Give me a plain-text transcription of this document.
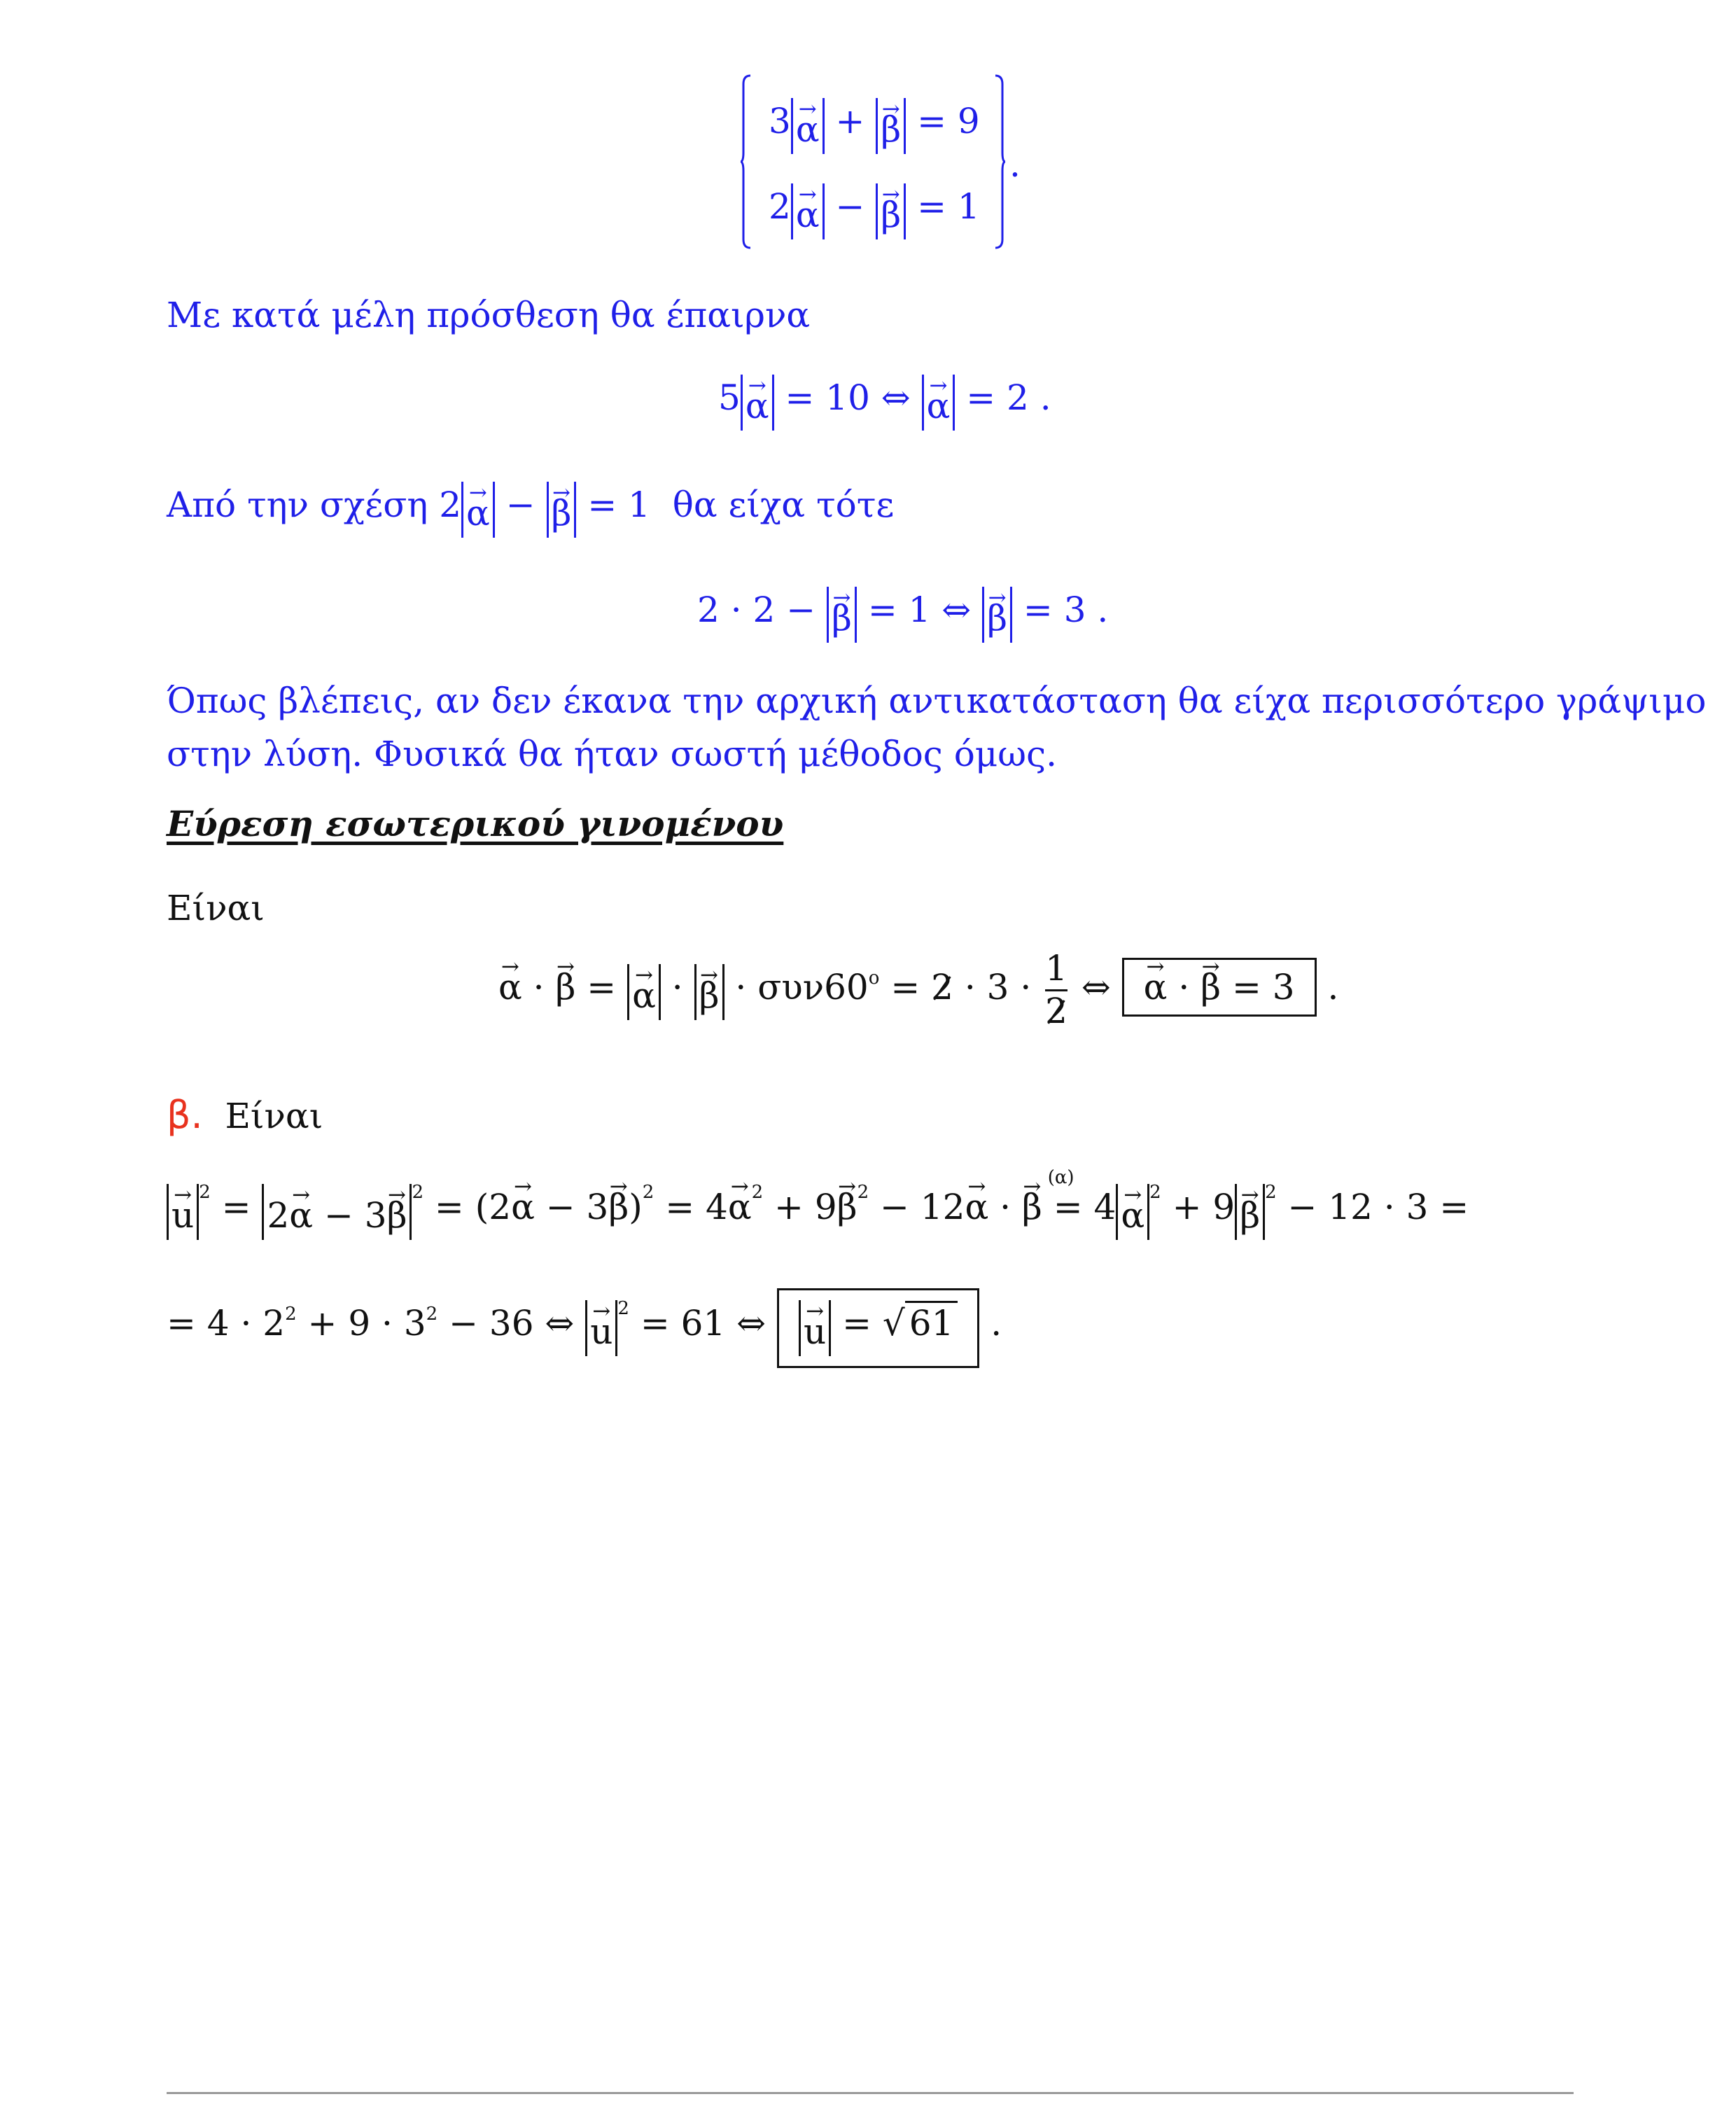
3 → α + → β = 9
2 → α − → β = 1
.
Με κατά μέλη πρόσθεση θα έπαιρνα
5 → α = 10 ⇔ → α = 2 .
Από την σχέση 2 → α − → β = 1 θα είχα τότε
2 · 2 − → β = 1 ⇔ → β = 3 .
Όπως βλέπεις, αν δεν έκανα την αρχική αντικατάσταση θα είχα περισσότερο γράψιμο
στην λύση. Φυσικά θα ήταν σωστή μέθοδος όμως.
Εύρεση εσωτερικού γινομένου
Είναι
→ α · → β = → α · → $\beta \cdot \sigma\upsilon\nu 60^o = 2 \cdot 3 \cdot \frac{1}{2}$ ⇔ → α · → β = 3 .
β. Είναι
→ $u^2 = 2\to \alpha - 3\to \beta^2 = (2\to \alpha - 3\to \beta)^2 = 4\to \alpha^2 + 9\to \beta^2 - 12\to \alpha$ · → β
(α)
= $4 \to \alpha^2 + 9 \to \beta^2 - 12 \cdot 3$ =
= $4 \cdot 2^2 + 9 \cdot 3^2 - 36$ ⇔ → $u^2 = 61$ ⇔ → u = √ 61 .
